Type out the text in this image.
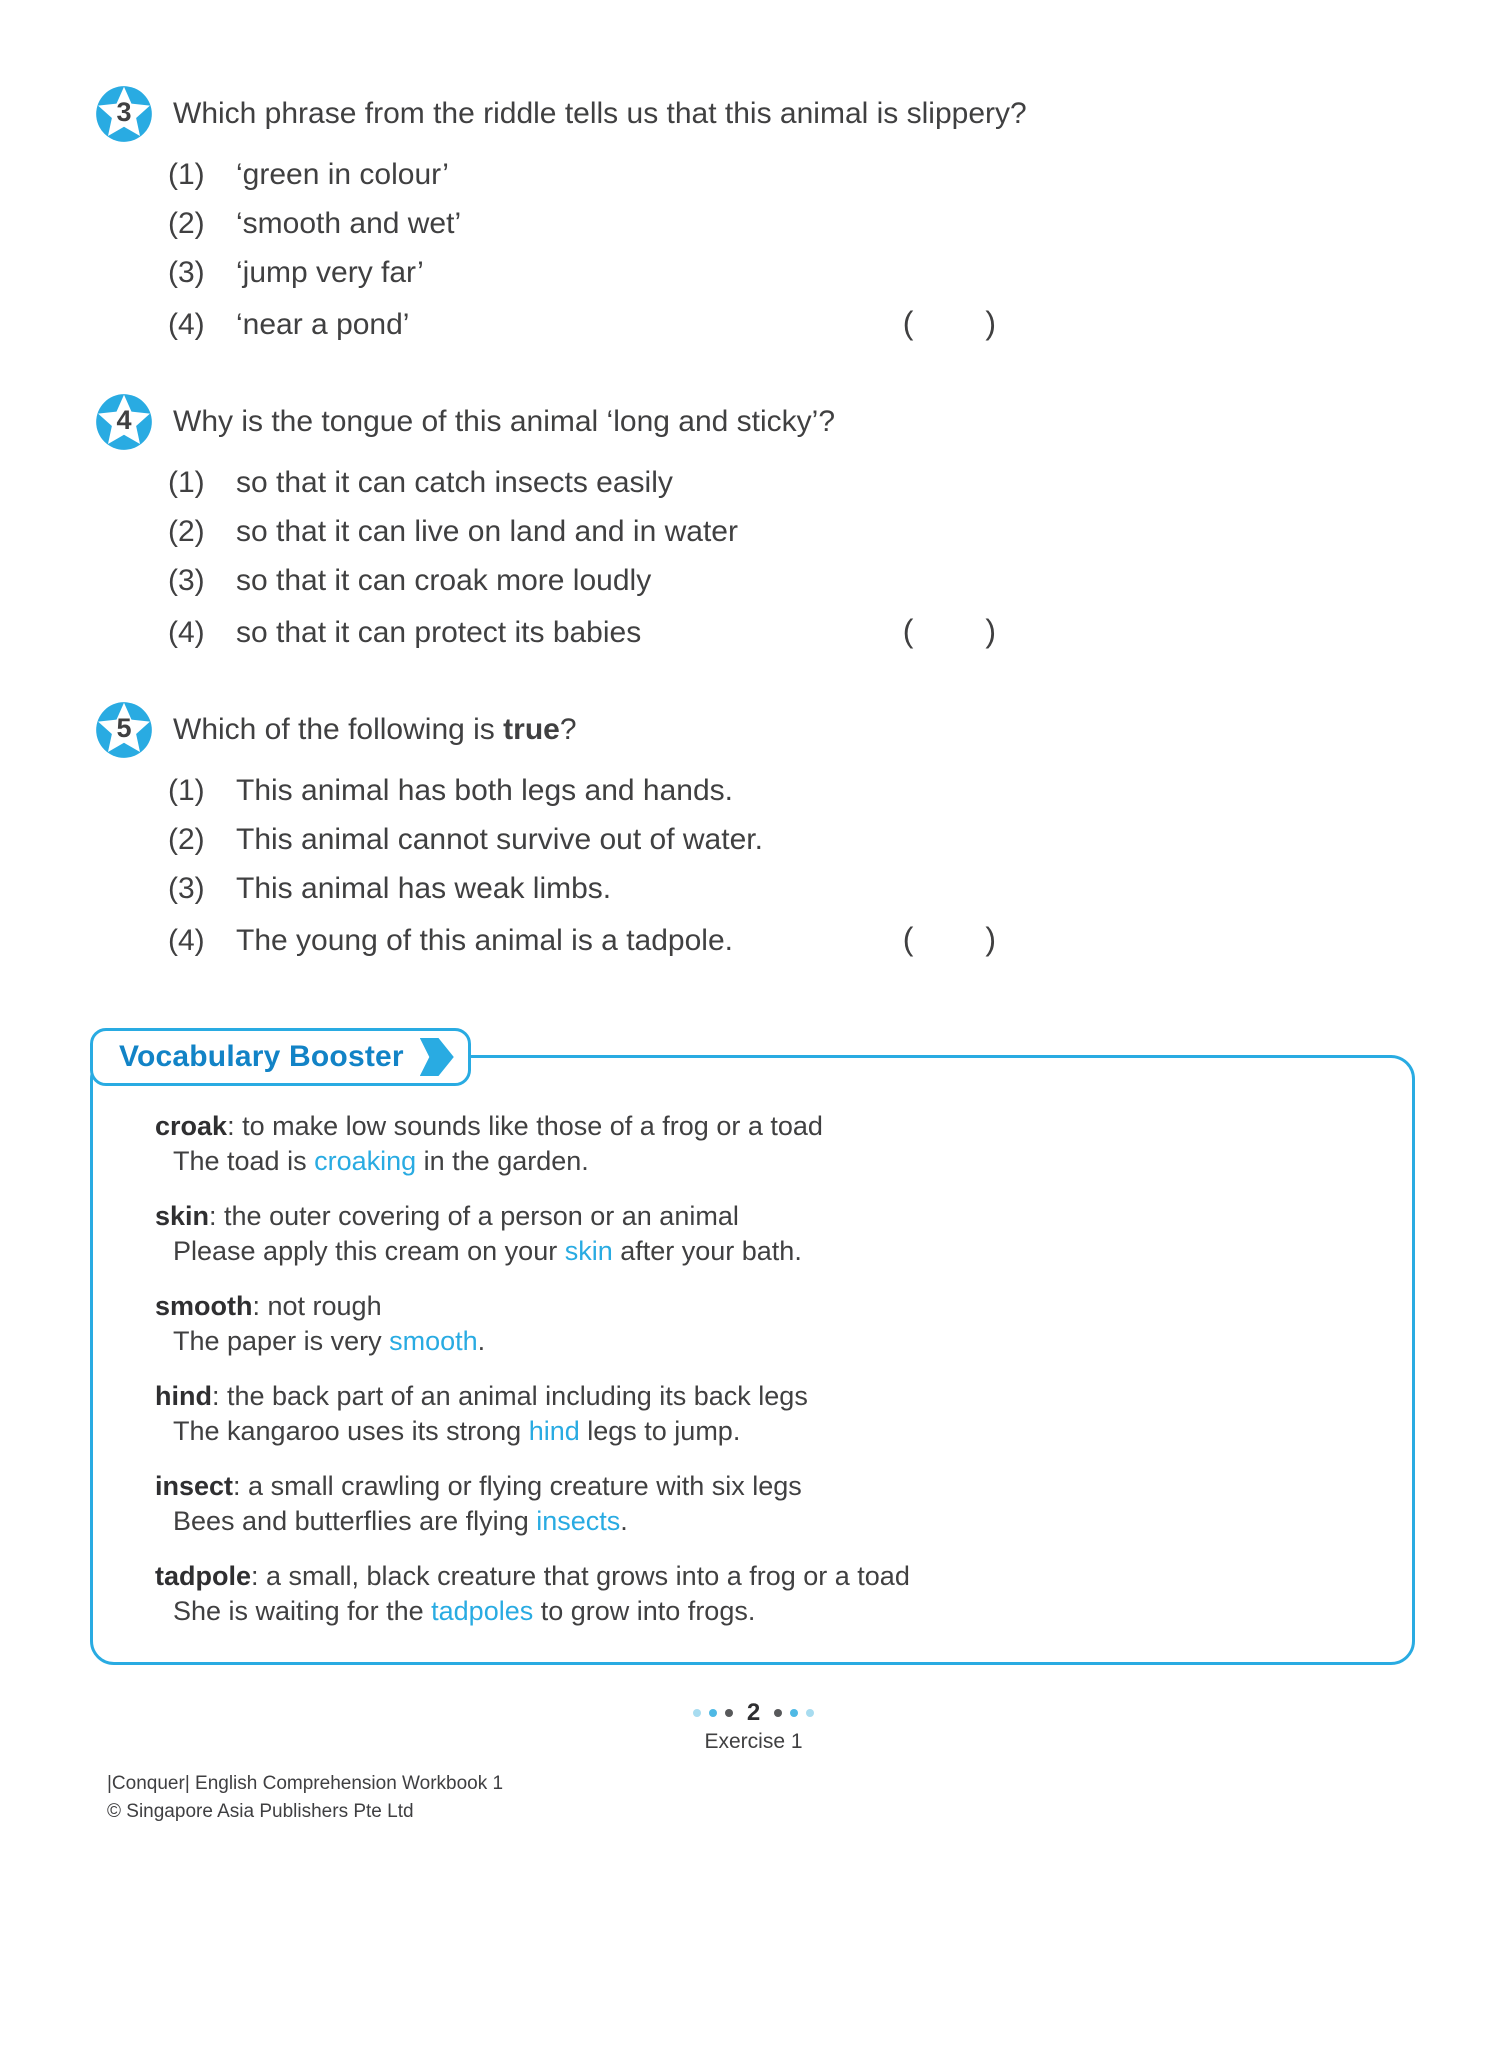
3	Which phrase from the riddle tells us that this animal is slippery?
(1)	‘green in colour’
(2)	‘smooth and wet’
(3)	‘jump very far’
(4)	‘near a pond’	( )
4	Why is the tongue of this animal ‘long and sticky’?
(1)	so that it can catch insects easily
(2)	so that it can live on land and in water
(3)	so that it can croak more loudly
(4)	so that it can protect its babies	( )
5	Which of the following is true?
(1)	This animal has both legs and hands.
(2)	This animal cannot survive out of water.
(3)	This animal has weak limbs.
(4)	The young of this animal is a tadpole.	( )
Vocabulary Booster

croak: to make low sounds like those of a frog or a toad

The toad is croaking in the garden.

skin: the outer covering of a person or an animal

Please apply this cream on your skin after your bath.

smooth: not rough

The paper is very smooth.

hind: the back part of an animal including its back legs

The kangaroo uses its strong hind legs to jump.

insect: a small crawling or flying creature with six legs

Bees and butterflies are flying insects.

tadpole: a small, black creature that grows into a frog or a toad

She is waiting for the tadpoles to grow into frogs.

2
Exercise 1
|Conquer| English Comprehension Workbook 1
© Singapore Asia Publishers Pte Ltd
